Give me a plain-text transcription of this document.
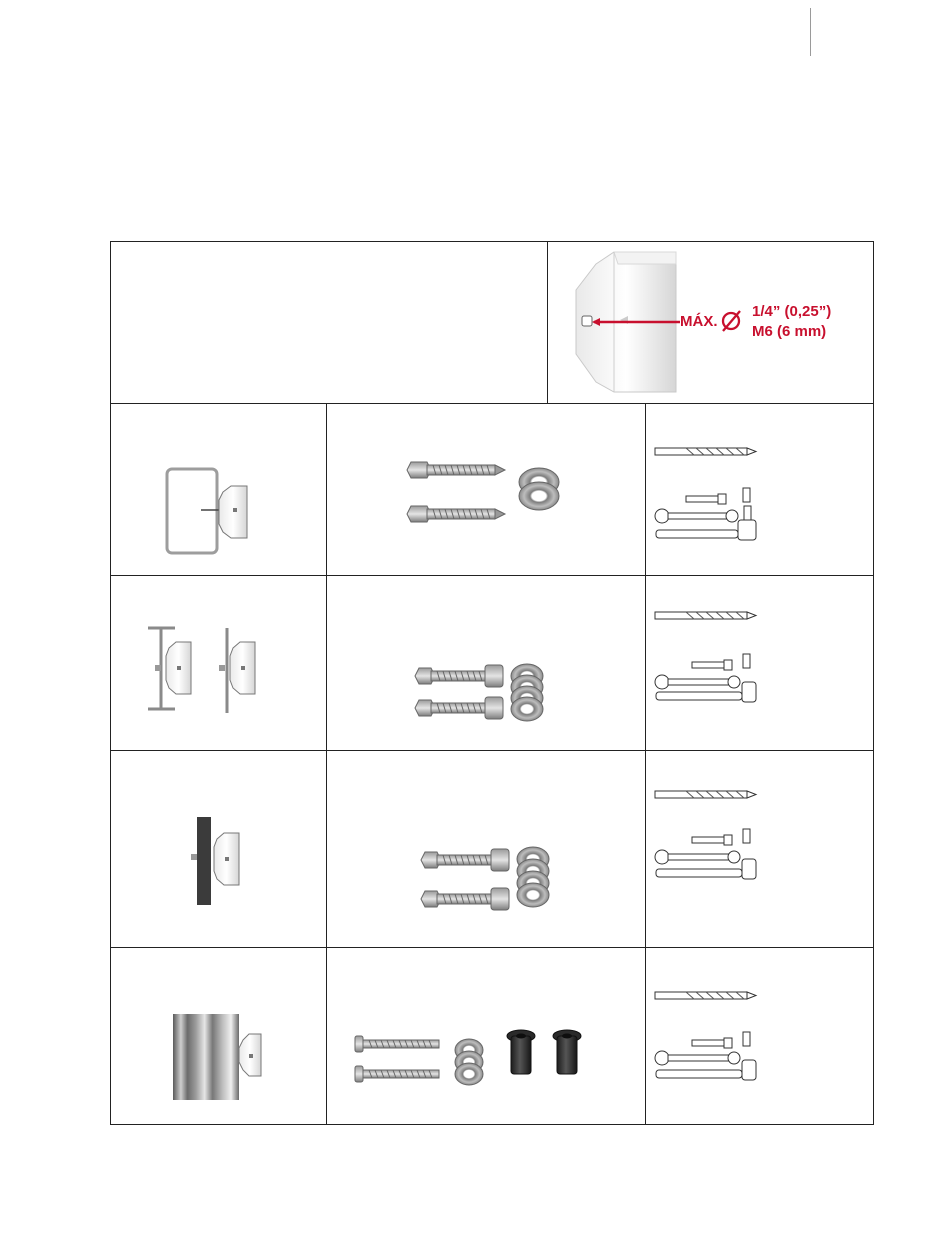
MÁX.
1/4” (0,25”)
M6 (6 mm)
